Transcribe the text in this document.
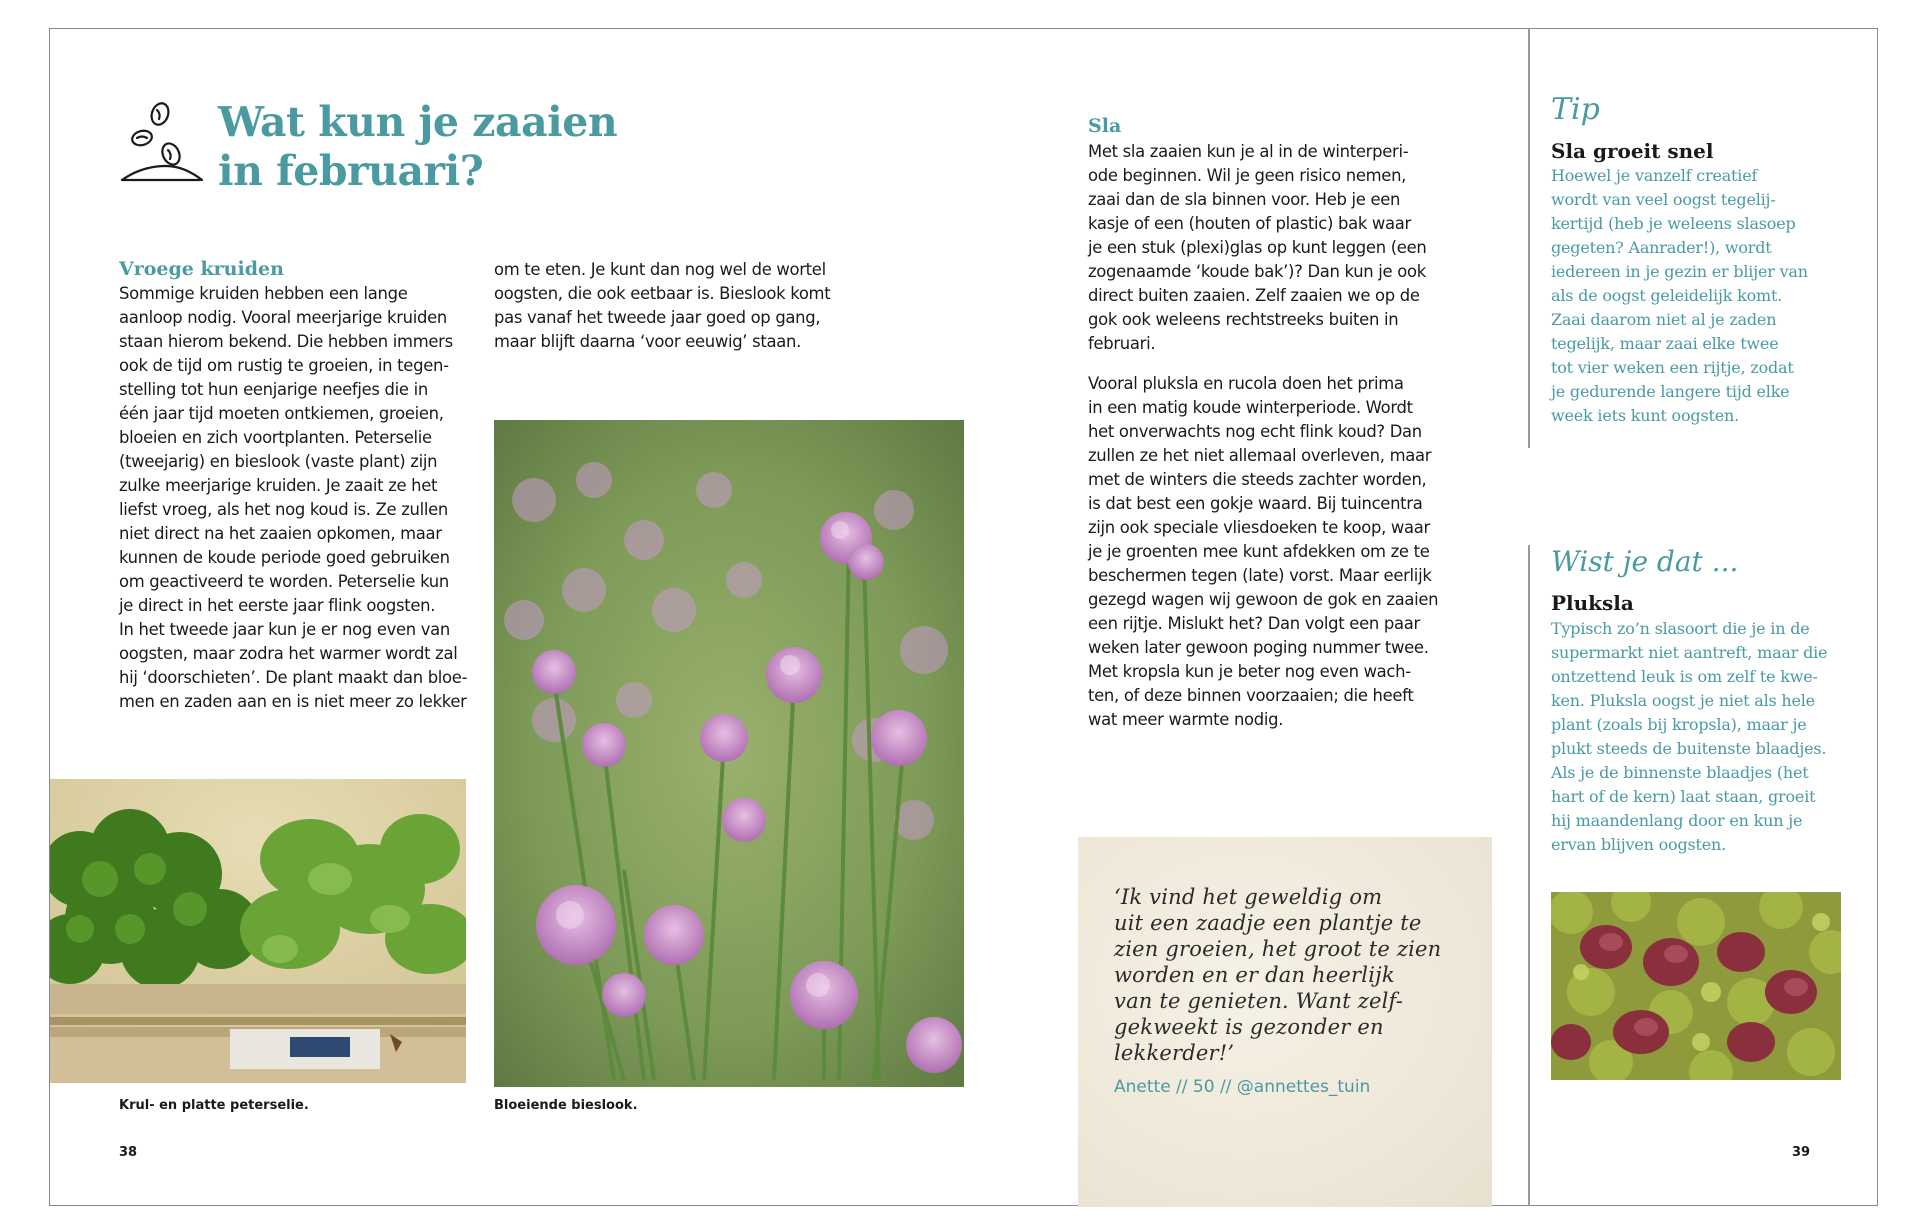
Wat kun je zaaien
in februari?
Vroege kruiden
Sommige kruiden hebben een lange
aanloop nodig. Vooral meerjarige kruiden
staan hierom bekend. Die hebben immers
ook de tijd om rustig te groeien, in tegen-
stelling tot hun eenjarige neefjes die in
één jaar tijd moeten ontkiemen, groeien,
bloeien en zich voortplanten. Peterselie
(tweejarig) en bieslook (vaste plant) zijn
zulke meerjarige kruiden. Je zaait ze het
liefst vroeg, als het nog koud is. Ze zullen
niet direct na het zaaien opkomen, maar
kunnen de koude periode goed gebruiken
om geactiveerd te worden. Peterselie kun
je direct in het eerste jaar flink oogsten.
In het tweede jaar kun je er nog even van
oogsten, maar zodra het warmer wordt zal
hij ‘doorschieten’. De plant maakt dan bloe-
men en zaden aan en is niet meer zo lekker
om te eten. Je kunt dan nog wel de wortel
oogsten, die ook eetbaar is. Bieslook komt
pas vanaf het tweede jaar goed op gang,
maar blijft daarna ‘voor eeuwig’ staan.
Krul- en platte peterselie.	Bloeiende bieslook.
38
Sla
Met sla zaaien kun je al in de winterperi-
ode beginnen. Wil je geen risico nemen,
zaai dan de sla binnen voor. Heb je een
kasje of een (houten of plastic) bak waar
je een stuk (plexi)glas op kunt leggen (een
zogenaamde ‘koude bak’)? Dan kun je ook
direct buiten zaaien. Zelf zaaien we op de
gok ook weleens rechtstreeks buiten in
februari.
Vooral pluksla en rucola doen het prima
in een matig koude winterperiode. Wordt
het onverwachts nog echt flink koud? Dan
zullen ze het niet allemaal overleven, maar
met de winters die steeds zachter worden,
is dat best een gokje waard. Bij tuincentra
zijn ook speciale vliesdoeken te koop, waar
je je groenten mee kunt afdekken om ze te
beschermen tegen (late) vorst. Maar eerlijk
gezegd wagen wij gewoon de gok en zaaien
een rijtje. Mislukt het? Dan volgt een paar
weken later gewoon poging nummer twee.
Met kropsla kun je beter nog even wach-
ten, of deze binnen voorzaaien; die heeft
wat meer warmte nodig.
‘Ik vind het geweldig om
uit een zaadje een plantje te
zien groeien, het groot te zien
worden en er dan heerlijk
van te genieten. Want zelf-
gekweekt is gezonder en
lekkerder!’
Anette // 50 // @annettes_tuin
Tip
Sla groeit snel
Hoewel je vanzelf creatief
wordt van veel oogst tegelij-
kertijd (heb je weleens slasoep
gegeten? Aanrader!), wordt
iedereen in je gezin er blijer van
als de oogst geleidelijk komt.
Zaai daarom niet al je zaden
tegelijk, maar zaai elke twee
tot vier weken een rijtje, zodat
je gedurende langere tijd elke
week iets kunt oogsten.
Wist je dat ...
Pluksla
Typisch zo’n slasoort die je in de
supermarkt niet aantreft, maar die
ontzettend leuk is om zelf te kwe-
ken. Pluksla oogst je niet als hele
plant (zoals bij kropsla), maar je
plukt steeds de buitenste blaadjes.
Als je de binnenste blaadjes (het
hart of de kern) laat staan, groeit
hij maandenlang door en kun je
ervan blijven oogsten.
39
